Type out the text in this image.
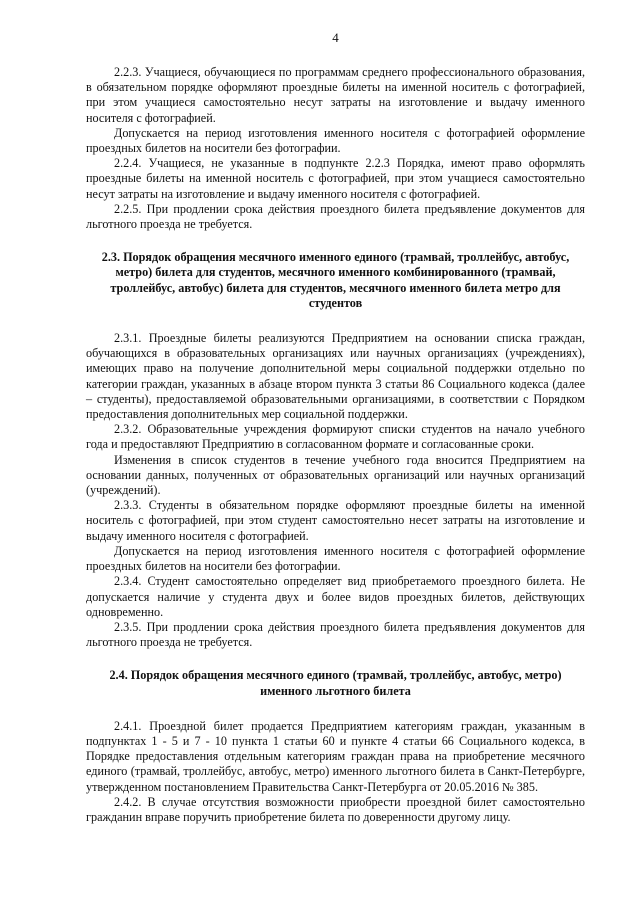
4

2.2.3. Учащиеся, обучающиеся по программам среднего профессионального образования, в обязательном порядке оформляют проездные билеты на именной носитель с фотографией, при этом учащиеся самостоятельно несут затраты на изготовление и выдачу именного носителя с фотографией.

Допускается на период изготовления именного носителя с фотографией оформление проездных билетов на носители без фотографии.

2.2.4. Учащиеся, не указанные в подпункте 2.2.3 Порядка, имеют право оформлять проездные билеты на именной носитель с фотографией, при этом учащиеся самостоятельно несут затраты на изготовление и выдачу именного носителя с фотографией.

2.2.5. При продлении срока действия проездного билета предъявление документов для льготного проезда не требуется.

2.3. Порядок обращения месячного именного единого (трамвай, троллейбус, автобус, метро) билета для студентов, месячного именного комбинированного (трамвай, троллейбус, автобус) билета для студентов, месячного именного билета метро для студентов

2.3.1. Проездные билеты реализуются Предприятием на основании списка граждан, обучающихся в образовательных организациях или научных организациях (учреждениях), имеющих право на получение дополнительной меры социальной поддержки отдельно по категории граждан, указанных в абзаце втором пункта 3 статьи 86 Социального кодекса (далее – студенты), предоставляемой образовательными организациями, в соответствии с Порядком предоставления дополнительных мер социальной поддержки.

2.3.2. Образовательные учреждения формируют списки студентов на начало учебного года и предоставляют Предприятию в согласованном формате и согласованные сроки.

Изменения в список студентов в течение учебного года вносится Предприятием на основании данных, полученных от образовательных организаций или научных организаций (учреждений).

2.3.3. Студенты в обязательном порядке оформляют проездные билеты на именной носитель с фотографией, при этом студент самостоятельно несет затраты на изготовление и выдачу именного носителя с фотографией.

Допускается на период изготовления именного носителя с фотографией оформление проездных билетов на носители без фотографии.

2.3.4. Студент самостоятельно определяет вид приобретаемого проездного билета. Не допускается наличие у студента двух и более видов проездных билетов, действующих одновременно.

2.3.5. При продлении срока действия проездного билета предъявления документов для льготного проезда не требуется.

2.4. Порядок обращения месячного единого (трамвай, троллейбус, автобус, метро) именного льготного билета

2.4.1. Проездной билет продается Предприятием категориям граждан, указанным в подпунктах 1 - 5 и 7 - 10 пункта 1 статьи 60 и пункте 4 статьи 66 Социального кодекса, в Порядке предоставления отдельным категориям граждан права на приобретение месячного единого (трамвай, троллейбус, автобус, метро) именного льготного билета в Санкт-Петербурге, утвержденном постановлением Правительства Санкт-Петербурга от 20.05.2016 № 385.

2.4.2. В случае отсутствия возможности приобрести проездной билет самостоятельно гражданин вправе поручить приобретение билета по доверенности другому лицу.
